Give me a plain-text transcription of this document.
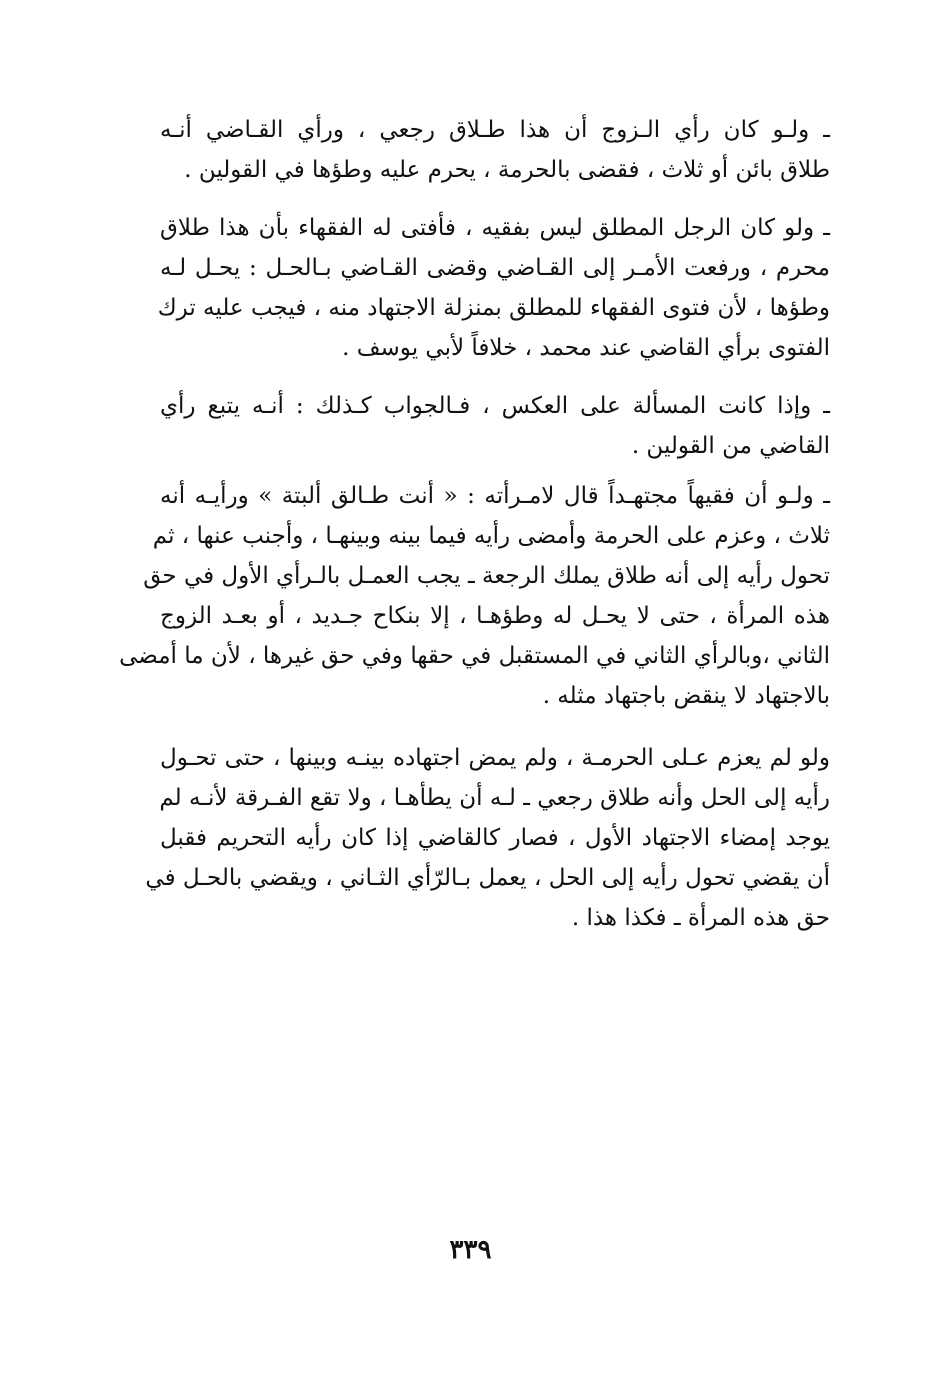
ـ ولـو كان رأي الـزوج أن هذا طـلاق رجعي ، ورأي القـاضي أنـه
طلاق بائن أو ثلاث ، فقضى بالحرمة ، يحرم عليه وطؤها في القولين .
ـ ولو كان الرجل المطلق ليس بفقيه ، فأفتى له الفقهاء بأن هذا طلاق
محرم ، ورفعت الأمـر إلى القـاضي وقضى القـاضي بـالحـل : يحـل لـه
وطؤها ، لأن فتوى الفقهاء للمطلق بمنزلة الاجتهاد منه ، فيجب عليه ترك
الفتوى برأي القاضي عند محمد ، خلافاً لأبي يوسف .
ـ وإذا كانت المسألة على العكس ، فـالجواب كـذلك : أنـه يتبع رأي
القاضي من القولين .
ـ ولـو أن فقيهاً مجتهـداً قال لامـرأته : « أنت طـالق ألبتة » ورأيـه أنه
ثلاث ، وعزم على الحرمة وأمضى رأيه فيما بينه وبينهـا ، وأجنب عنها ، ثم
تحول رأيه إلى أنه طلاق يملك الرجعة ـ يجب العمـل بالـرأي الأول في حق
هذه المرأة ، حتى لا يحـل له وطؤهـا ، إلا بنكاح جـديد ، أو بعـد الزوج
الثاني ،وبالرأي الثاني في المستقبل في حقها وفي حق غيرها ، لأن ما أمضى
بالاجتهاد لا ينقض باجتهاد مثله .
ولو لم يعزم عـلى الحرمـة ، ولم يمض اجتهاده بينـه وبينها ، حتى تحـول
رأيه إلى الحل وأنه طلاق رجعي ـ لـه أن يطأهـا ، ولا تقع الفـرقة لأنـه لم
يوجد إمضاء الاجتهاد الأول ، فصار كالقاضي إذا كان رأيه التحريم فقبل
أن يقضي تحول رأيه إلى الحل ، يعمل بـالرّأي الثـاني ، ويقضي بالحـل في
حق هذه المرأة ـ فكذا هذا .
٣٣٩
